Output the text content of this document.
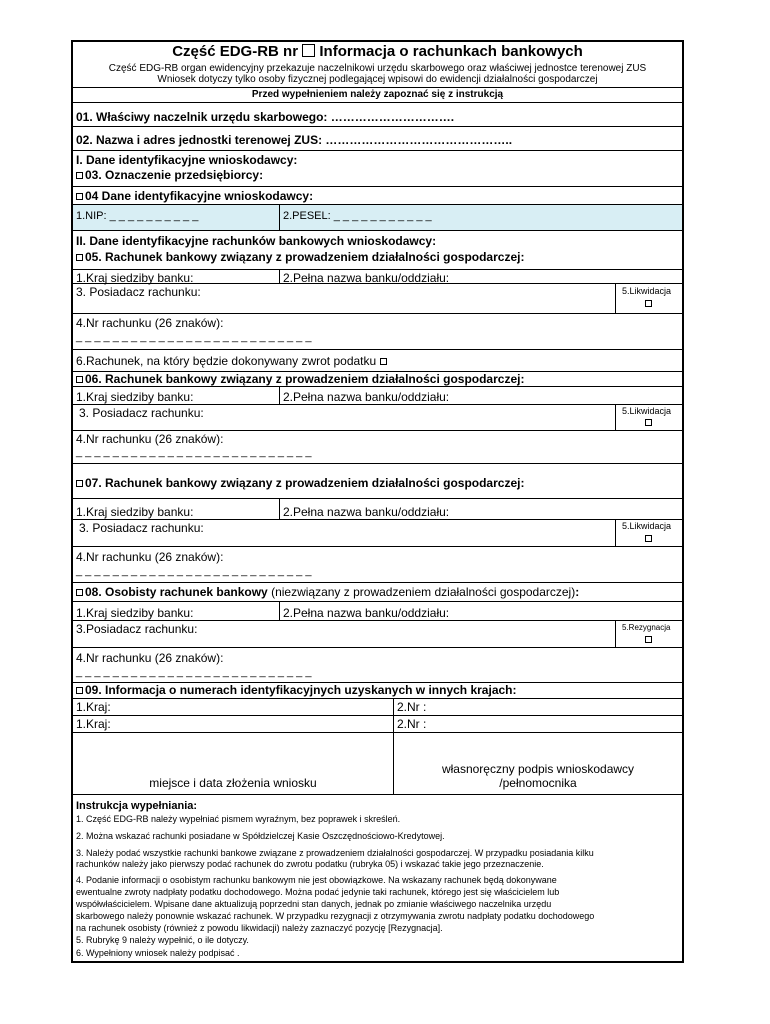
Część EDG-RB nr Informacja o rachunkach bankowych
Część EDG-RB organ ewidencyjny przekazuje naczelnikowi urzędu skarbowego oraz właściwej jednostce terenowej ZUS
Wniosek dotyczy tylko osoby fizycznej podlegającej wpisowi do ewidencji działalności gospodarczej
Przed wypełnieniem należy zapoznać się z instrukcją
01. Właściwy naczelnik urzędu skarbowego: ………………………….
02. Nazwa i adres jednostki terenowej ZUS: ………………………………………..
I. Dane identyfikacyjne wnioskodawcy:
03. Oznaczenie przedsiębiorcy:
04 Dane identyfikacyjne wnioskodawcy:
1.NIP: _ _ _ _ _ _ _ _ _ _	2.PESEL: _ _ _ _ _ _ _ _ _ _ _
II. Dane identyfikacyjne rachunków bankowych wnioskodawcy:
05. Rachunek bankowy związany z prowadzeniem działalności gospodarczej:
1.Kraj siedziby banku:	2.Pełna nazwa banku/oddziału:
3. Posiadacz rachunku:	5.Likwidacja
4.Nr rachunku (26 znaków):
_ _ _ _ _ _ _ _ _ _ _ _ _ _ _ _ _ _ _ _ _ _ _ _ _ _
6.Rachunek, na który będzie dokonywany zwrot podatku
06. Rachunek bankowy związany z prowadzeniem działalności gospodarczej:
1.Kraj siedziby banku:	2.Pełna nazwa banku/oddziału:
3. Posiadacz rachunku:	5.Likwidacja
4.Nr rachunku (26 znaków):
_ _ _ _ _ _ _ _ _ _ _ _ _ _ _ _ _ _ _ _ _ _ _ _ _ _
07. Rachunek bankowy związany z prowadzeniem działalności gospodarczej:
1.Kraj siedziby banku:	2.Pełna nazwa banku/oddziału:
3. Posiadacz rachunku:	5.Likwidacja
4.Nr rachunku (26 znaków):
_ _ _ _ _ _ _ _ _ _ _ _ _ _ _ _ _ _ _ _ _ _ _ _ _ _
08. Osobisty rachunek bankowy (niezwiązany z prowadzeniem działalności gospodarczej):
1.Kraj siedziby banku:	2.Pełna nazwa banku/oddziału:
3.Posiadacz rachunku:	5.Rezygnacja
4.Nr rachunku (26 znaków):
_ _ _ _ _ _ _ _ _ _ _ _ _ _ _ _ _ _ _ _ _ _ _ _ _ _
09. Informacja o numerach identyfikacyjnych uzyskanych w innych krajach:
1.Kraj:	2.Nr :
1.Kraj:	2.Nr :
miejsce i data złożenia wniosku
własnoręczny podpis wnioskodawcy
/pełnomocnika
Instrukcja wypełniania:
1. Część EDG-RB należy wypełniać pismem wyraźnym, bez poprawek i skreśleń.
2. Można wskazać rachunki posiadane w Spółdzielczej Kasie Oszczędnościowo-Kredytowej.
3. Należy podać wszystkie rachunki bankowe związane z prowadzeniem działalności gospodarczej. W przypadku posiadania kilku
rachunków należy jako pierwszy podać rachunek do zwrotu podatku (rubryka 05) i wskazać takie jego przeznaczenie.
4. Podanie informacji o osobistym rachunku bankowym nie jest obowiązkowe. Na wskazany rachunek będą dokonywane
ewentualne zwroty nadpłaty podatku dochodowego. Można podać jedynie taki rachunek, którego jest się właścicielem lub
współwłaścicielem. Wpisane dane aktualizują poprzedni stan danych, jednak po zmianie właściwego naczelnika urzędu
skarbowego należy ponownie wskazać rachunek. W przypadku rezygnacji z otrzymywania zwrotu nadpłaty podatku dochodowego
na rachunek osobisty (również z powodu likwidacji) należy zaznaczyć pozycję [Rezygnacja].
5. Rubrykę 9 należy wypełnić, o ile dotyczy.
6. Wypełniony wniosek należy podpisać .
